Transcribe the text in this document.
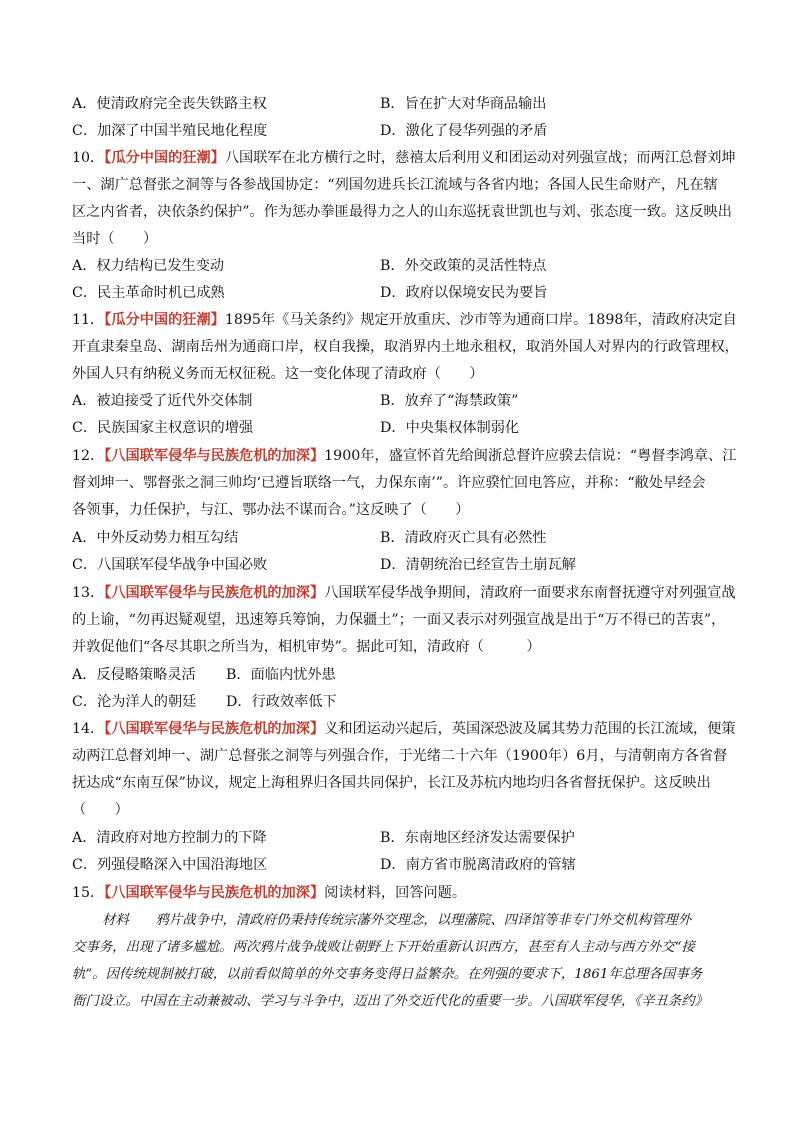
A．使清政府完全丧失铁路主权	B．旨在扩大对华商品输出
C．加深了中国半殖民地化程度	D．激化了侵华列强的矛盾
10．【瓜分中国的狂潮】八国联军在北方横行之时，慈禧太后利用义和团运动对列强宣战；而两江总督刘坤
一、湖广总督张之洞等与各参战国协定：“列国勿进兵长江流域与各省内地；各国人民生命财产，凡在辖
区之内省者，决依条约保护”。作为惩办拳匪最得力之人的山东巡抚袁世凯也与刘、张态度一致。这反映出
当时（　　）
A．权力结构已发生变动	B．外交政策的灵活性特点
C．民主革命时机已成熟	D．政府以保境安民为要旨
11．【瓜分中国的狂潮】1895年《马关条约》规定开放重庆、沙市等为通商口岸。1898年，清政府决定自
开直隶秦皇岛、湖南岳州为通商口岸，权自我操，取消界内土地永租权，取消外国人对界内的行政管理权，
外国人只有纳税义务而无权征税。这一变化体现了清政府（　　）
A．被迫接受了近代外交体制	B．放弃了“海禁政策”
C．民族国家主权意识的增强	D．中央集权体制弱化
12．【八国联军侵华与民族危机的加深】1900年，盛宣怀首先给闽浙总督许应骙去信说：“粤督李鸿章、江
督刘坤一、鄂督张之洞三帅均‘已遵旨联络一气，力保东南’”。许应骙忙回电答应，并称：“敝处早经会
各领事，力任保护，与江、鄂办法不谋而合。”这反映了（　　）
A．中外反动势力相互勾结	B．清政府灭亡具有必然性
C．八国联军侵华战争中国必败	D．清朝统治已经宣告土崩瓦解
13．【八国联军侵华与民族危机的加深】八国联军侵华战争期间，清政府一面要求东南督抚遵守对列强宣战
的上谕，“勿再迟疑观望，迅速筹兵筹饷，力保疆土”；一面又表示对列强宣战是出于“万不得已的苦衷”，
并敦促他们“各尽其职之所当为，相机审势”。据此可知，清政府（　　　）
A．反侵略策略灵活 B．面临内忧外患
C．沦为洋人的朝廷 D．行政效率低下
14．【八国联军侵华与民族危机的加深】义和团运动兴起后，英国深恐波及属其势力范围的长江流域，便策
动两江总督刘坤一、湖广总督张之洞等与列强合作，于光绪二十六年（1900年）6月，与清朝南方各省督
抚达成“东南互保”协议，规定上海租界归各国共同保护，长江及苏杭内地均归各省督抚保护。这反映出
（　　）
A．清政府对地方控制力的下降	B．东南地区经济发达需要保护
C．列强侵略深入中国沿海地区	D．南方省市脱离清政府的管辖
15．【八国联军侵华与民族危机的加深】阅读材料，回答问题。
材料　　鸦片战争中，清政府仍秉持传统宗藩外交理念，以理藩院、四译馆等非专门外交机构管理外
交事务，出现了诸多尴尬。两次鸦片战争战败让朝野上下开始重新认识西方，甚至有人主动与西方外交“接
轨”。因传统规制被打破，以前看似简单的外交事务变得日益繁杂。在列强的要求下，1861年总理各国事务
衙门设立。中国在主动兼被动、学习与斗争中，迈出了外交近代化的重要一步。八国联军侵华，《辛丑条约》
